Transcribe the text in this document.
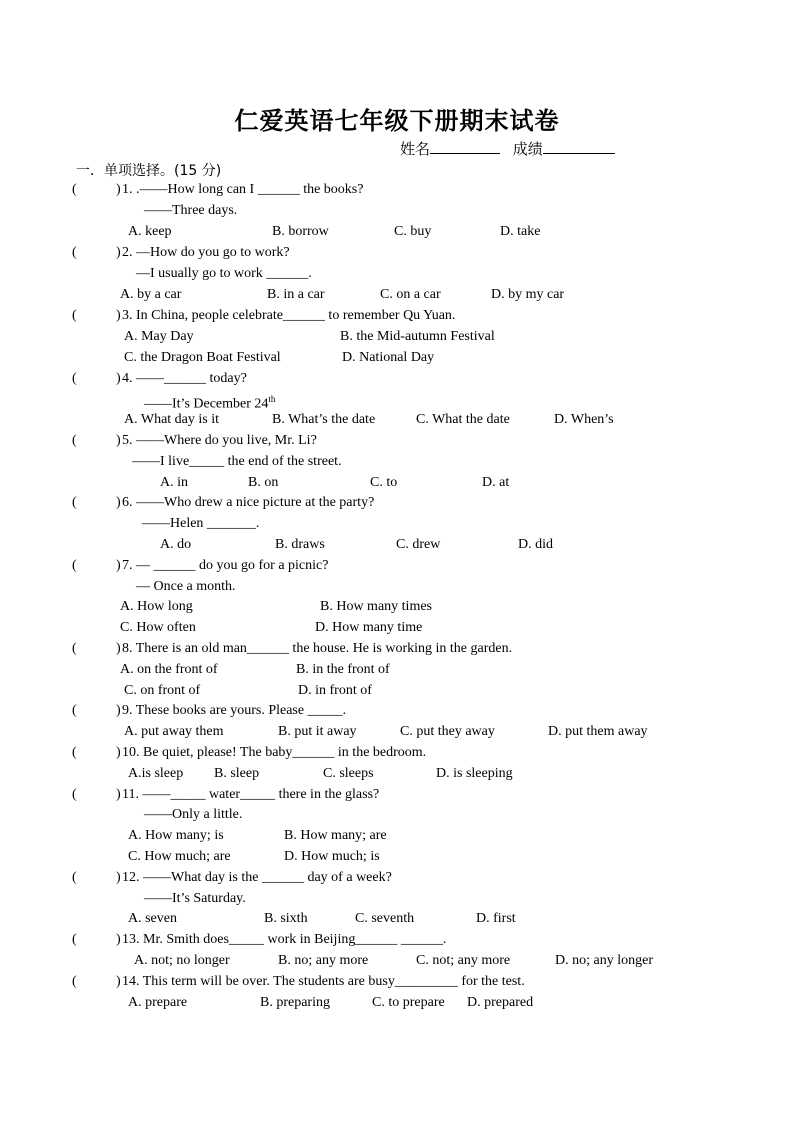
仁爱英语七年级下册期末试卷
姓名	成绩
一．单项选择。(15 分)
(	) 1. .——How long can I ______ the books?
——Three days.
A. keep	B. borrow	C. buy	D. take
(	) 2. —How do you go to work?
—I usually go to work ______.
A. by a car	B. in a car	C. on a car	D. by my car
(	) 3. In China, people celebrate______ to remember Qu Yuan.
A. May Day	B. the Mid-autumn Festival
C. the Dragon Boat Festival	D. National Day
(	) 4. ——______ today?
——It’s December 24th
A. What day is it	B. What’s the date	C. What the date	D. When’s
(	) 5. ——Where do you live, Mr. Li?
——I live_____ the end of the street.
A. in	B. on	C. to	D. at
(	) 6. ——Who drew a nice picture at the party?
——Helen _______.
A. do	B. draws	C. drew	D. did
(	) 7. — ______ do you go for a picnic?
— Once a month.
A. How long	B. How many times
C. How often	D. How many time
(	) 8. There is an old man______ the house. He is working in the garden.
A. on the front of	B. in the front of
C. on front of	D. in front of
(	) 9. These books are yours. Please _____.
A. put away them	B. put it away	C. put they away	D. put them away
(	) 10. Be quiet, please! The baby______ in the bedroom.
A.is sleep B. sleep	C. sleeps	D. is sleeping
(	) 11. ——_____ water_____ there in the glass?
——Only a little.
A. How many; is	B. How many; are
C. How much; are	D. How much; is
(	) 12. ——What day is the ______ day of a week?
——It’s Saturday.
A. seven	B. sixth	C. seventh	D. first
(	) 13. Mr. Smith does_____ work in Beijing______ ______.
A. not; no longer	B. no; any more	C. not; any more	D. no; any longer
(	) 14. This term will be over. The students are busy_________ for the test.
A. prepare	B. preparing	C. to prepare D. prepared
